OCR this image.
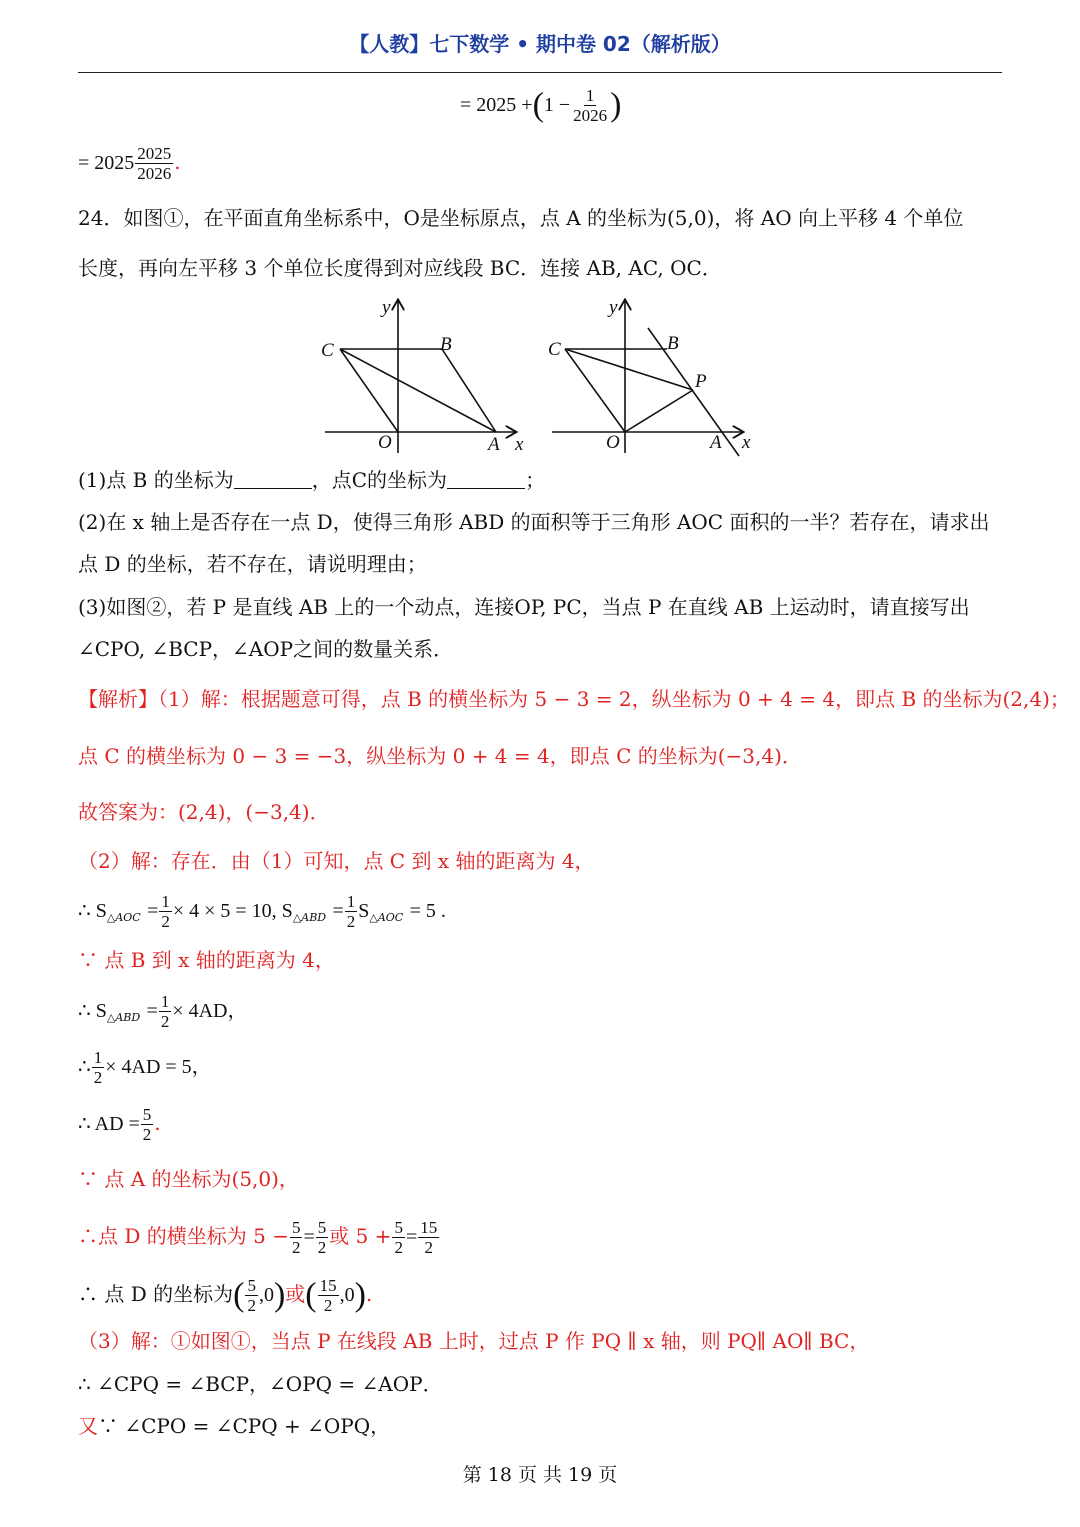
【人教】七下数学 • 期中卷 02（解析版）
= $2025 +(1 - \frac{1}{2026}$ )
= $2025 \frac{2025}{2026}$ .
24．如图①，在平面直角坐标系中，O是坐标原点，点 A 的坐标为(5,0)，将 AO 向上平移 4 个单位
长度，再向左平移 3 个单位长度得到对应线段 BC．连接 AB, AC, OC．
y
C	B
O	A x
y
C	B
P
O	A x
(1)点 B 的坐标为	，点C的坐标为	；
(2)在 x 轴上是否存在一点 D，使得三角形 ABD 的面积等于三角形 AOC 面积的一半？若存在，请求出
点 D 的坐标，若不存在，请说明理由；
(3)如图②，若 P 是直线 AB 上的一个动点，连接OP, PC，当点 P 在直线 AB 上运动时，请直接写出
∠CPO, ∠BCP，∠AOP之间的数量关系．
【解析】（1）解：根据题意可得，点 B 的横坐标为 5 − 3 = 2，纵坐标为 0 + 4 = 4，即点 B 的坐标为(2,4)；
点 C 的横坐标为 0 − 3 = −3，纵坐标为 0 + 4 = 4，即点 C 的坐标为(−3,4)．
故答案为：(2,4)，(−3,4)．
（2）解：存在．由（1）可知，点 C 到 x 轴的距离为 4，
∴ $S_{\triangle AOC} = \frac{1}{2} \times 4 \times 5 = 10$, $S_{\triangle ABD} = \frac{1}{2} S_{\triangle AOC} = 5$ .
∵ 点 B 到 x 轴的距离为 4，
∴ $S_{\triangle ABD} = \frac{1}{2} \times 4AD$，
∴ $\frac{1}{2} \times 4AD = 5$，
∴ AD = $\frac{5}{2}$ .
∵ 点 A 的坐标为(5,0)，
∴点 D 的横坐标为 $5 - \frac{5}{2} = \frac{5}{2}$ 或 $5 + \frac{5}{2} = \frac{15}{2}$
∴ 点 D 的坐标为( $\frac{5}{2} ,0$)或( $\frac{15}{2} ,0$).
（3）解：①如图①，当点 P 在线段 AB 上时，过点 P 作 PQ ∥ x 轴，则 PQ∥ AO∥ BC，
∴ ∠CPQ = ∠BCP，∠OPQ = ∠AOP．
又∵ ∠CPO = ∠CPQ + ∠OPQ，
第 18 页 共 19 页
